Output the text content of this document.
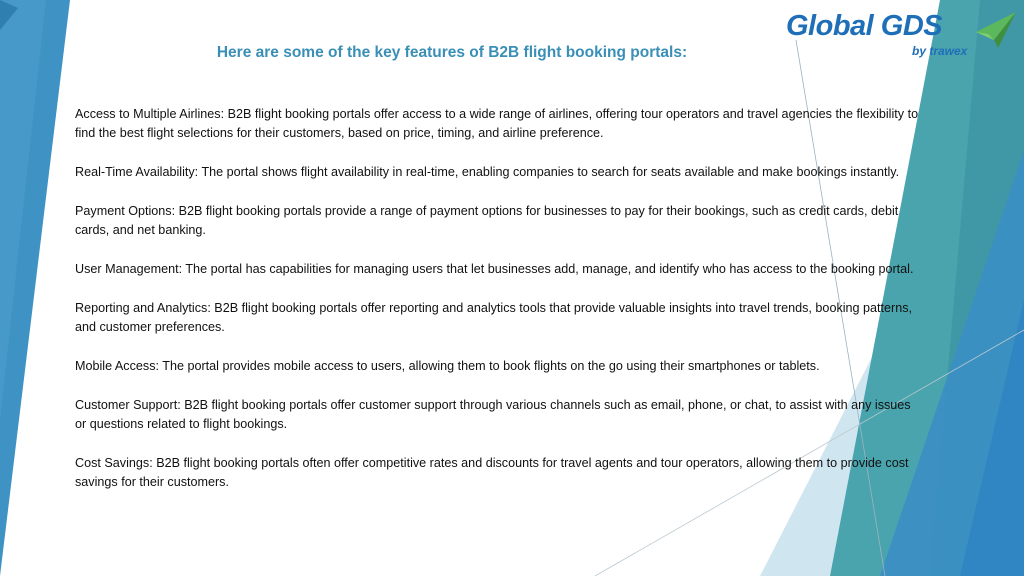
Global GDS
by trawex
Here are some of the key features of B2B flight booking portals:

Access to Multiple Airlines: B2B flight booking portals offer access to a wide range of airlines, offering tour operators and travel agencies the flexibility to find the best flight selections for their customers, based on price, timing, and airline preference.

Real-Time Availability: The portal shows flight availability in real-time, enabling companies to search for seats available and make bookings instantly.

Payment Options: B2B flight booking portals provide a range of payment options for businesses to pay for their bookings, such as credit cards, debit cards, and net banking.

User Management: The portal has capabilities for managing users that let businesses add, manage, and identify who has access to the booking portal.

Reporting and Analytics: B2B flight booking portals offer reporting and analytics tools that provide valuable insights into travel trends, booking patterns, and customer preferences.

Mobile Access: The portal provides mobile access to users, allowing them to book flights on the go using their smartphones or tablets.

Customer Support: B2B flight booking portals offer customer support through various channels such as email, phone, or chat, to assist with any issues or questions related to flight bookings.

Cost Savings: B2B flight booking portals often offer competitive rates and discounts for travel agents and tour operators, allowing them to provide cost savings for their customers.
